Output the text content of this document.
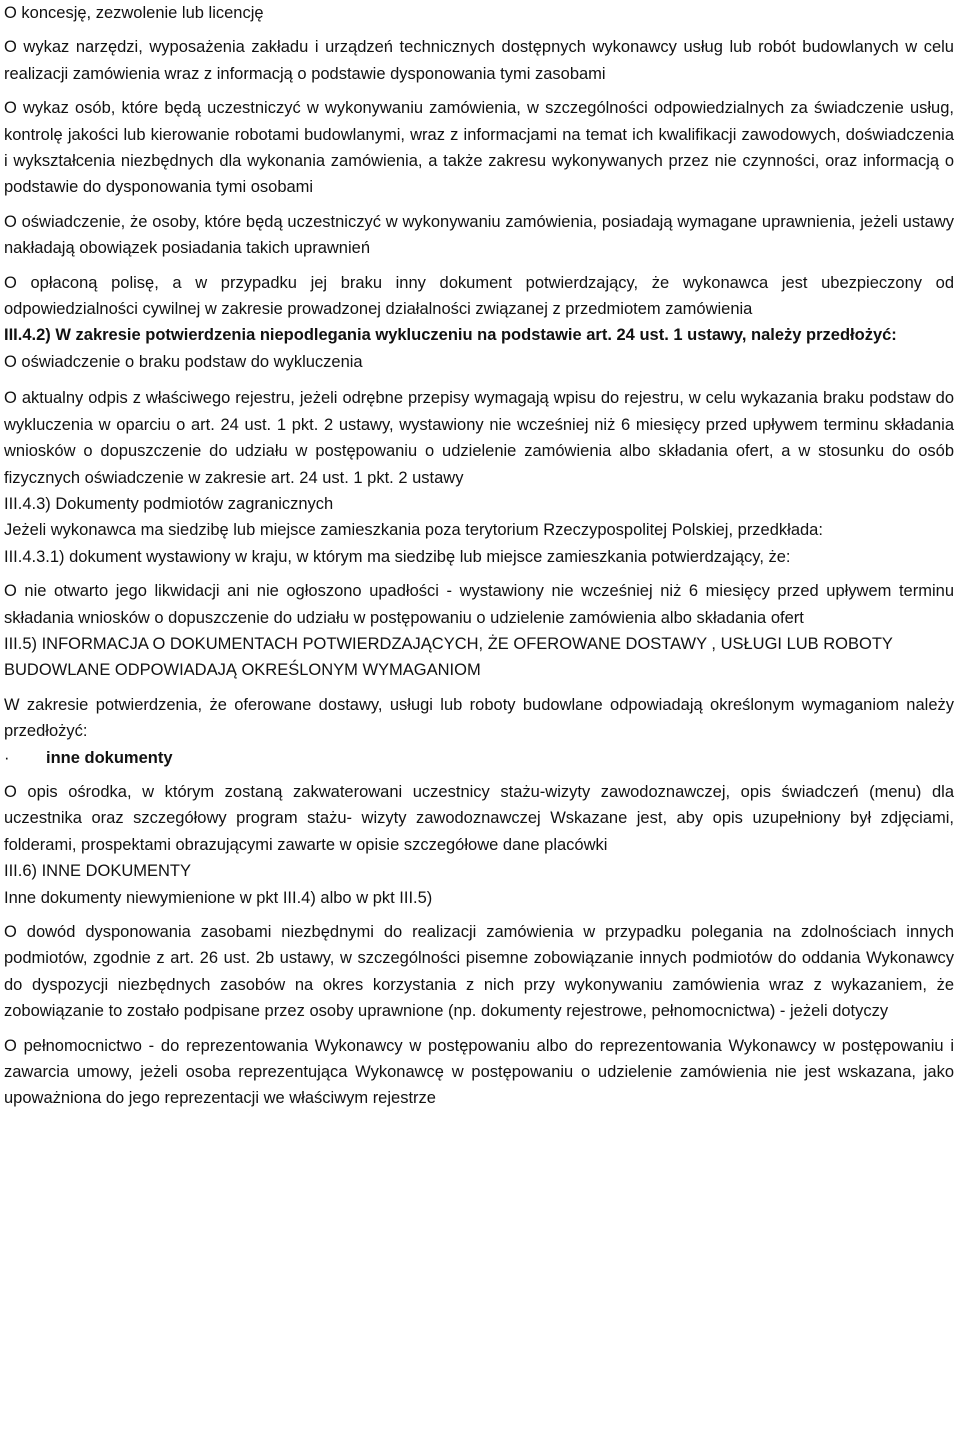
O koncesję, zezwolenie lub licencję

O wykaz narzędzi, wyposażenia zakładu i urządzeń technicznych dostępnych wykonawcy usług lub robót budowlanych w celu realizacji zamówienia wraz z informacją o podstawie dysponowania tymi zasobami

O wykaz osób, które będą uczestniczyć w wykonywaniu zamówienia, w szczególności odpowiedzialnych za świadczenie usług, kontrolę jakości lub kierowanie robotami budowlanymi, wraz z informacjami na temat ich kwalifikacji zawodowych, doświadczenia i wykształcenia niezbędnych dla wykonania zamówienia, a także zakresu wykonywanych przez nie czynności, oraz informacją o podstawie do dysponowania tymi osobami

O oświadczenie, że osoby, które będą uczestniczyć w wykonywaniu zamówienia, posiadają wymagane uprawnienia, jeżeli ustawy nakładają obowiązek posiadania takich uprawnień

O opłaconą polisę, a w przypadku jej braku inny dokument potwierdzający, że wykonawca jest ubezpieczony od odpowiedzialności cywilnej w zakresie prowadzonej działalności związanej z przedmiotem zamówienia

III.4.2) W zakresie potwierdzenia niepodlegania wykluczeniu na podstawie art. 24 ust. 1 ustawy, należy przedłożyć:

O oświadczenie o braku podstaw do wykluczenia

O aktualny odpis z właściwego rejestru, jeżeli odrębne przepisy wymagają wpisu do rejestru, w celu wykazania braku podstaw do wykluczenia w oparciu o art. 24 ust. 1 pkt. 2 ustawy, wystawiony nie wcześniej niż 6 miesięcy przed upływem terminu składania wniosków o dopuszczenie do udziału w postępowaniu o udzielenie zamówienia albo składania ofert, a w stosunku do osób fizycznych oświadczenie w zakresie art. 24 ust. 1 pkt. 2 ustawy

III.4.3) Dokumenty podmiotów zagranicznych

Jeżeli wykonawca ma siedzibę lub miejsce zamieszkania poza terytorium Rzeczypospolitej Polskiej, przedkłada:

III.4.3.1) dokument wystawiony w kraju, w którym ma siedzibę lub miejsce zamieszkania potwierdzający, że:

O nie otwarto jego likwidacji ani nie ogłoszono upadłości - wystawiony nie wcześniej niż 6 miesięcy przed upływem terminu składania wniosków o dopuszczenie do udziału w postępowaniu o udzielenie zamówienia albo składania ofert

III.5) INFORMACJA O DOKUMENTACH POTWIERDZAJĄCYCH, ŻE OFEROWANE DOSTAWY , USŁUGI LUB ROBOTY BUDOWLANE ODPOWIADAJĄ OKREŚLONYM WYMAGANIOM

W zakresie potwierdzenia, że oferowane dostawy, usługi lub roboty budowlane odpowiadają określonym wymaganiom należy przedłożyć:

· inne dokumenty

O opis ośrodka, w którym zostaną zakwaterowani uczestnicy stażu-wizyty zawodoznawczej, opis świadczeń (menu) dla uczestnika oraz szczegółowy program stażu- wizyty zawodoznawczej Wskazane jest, aby opis uzupełniony był zdjęciami, folderami, prospektami obrazującymi zawarte w opisie szczegółowe dane placówki

III.6) INNE DOKUMENTY

Inne dokumenty niewymienione w pkt III.4) albo w pkt III.5)

O dowód dysponowania zasobami niezbędnymi do realizacji zamówienia w przypadku polegania na zdolnościach innych podmiotów, zgodnie z art. 26 ust. 2b ustawy, w szczególności pisemne zobowiązanie innych podmiotów do oddania Wykonawcy do dyspozycji niezbędnych zasobów na okres korzystania z nich przy wykonywaniu zamówienia wraz z wykazaniem, że zobowiązanie to zostało podpisane przez osoby uprawnione (np. dokumenty rejestrowe, pełnomocnictwa) - jeżeli dotyczy

O pełnomocnictwo - do reprezentowania Wykonawcy w postępowaniu albo do reprezentowania Wykonawcy w postępowaniu i zawarcia umowy, jeżeli osoba reprezentująca Wykonawcę w postępowaniu o udzielenie zamówienia nie jest wskazana, jako upoważniona do jego reprezentacji we właściwym rejestrze
